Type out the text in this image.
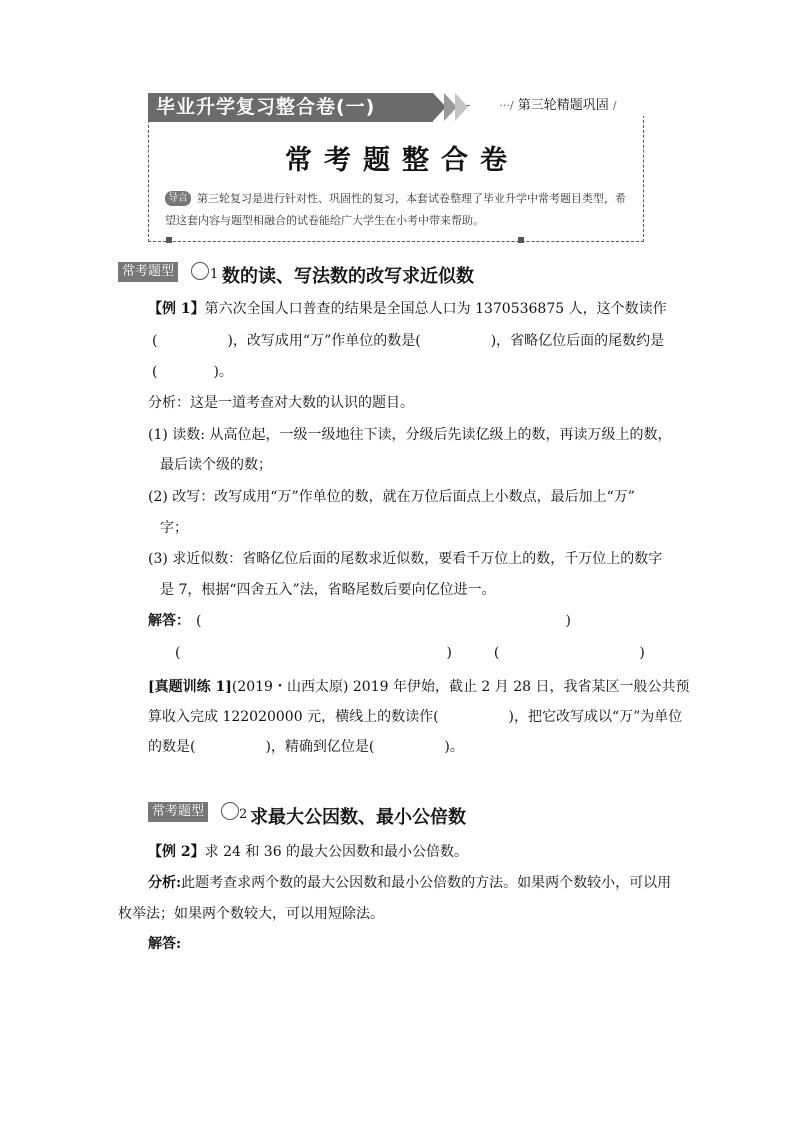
毕业升学复习整合卷(一)	···/ 第三轮精题巩固 /
常考题整合卷
第三轮复习是进行针对性、巩固性的复习，本套试卷整理了毕业升学中常考题目类型，希望这套内容与题型相融合的试卷能给广大学生在小考中带来帮助。
导言
常考题型	1 数的读、写法数的改写求近似数
【例 1】第六次全国人口普查的结果是全国总人口为 1370536875 人，这个数读作
(　　　　　)，改写成用“万”作单位的数是(　　　　　)，省略亿位后面的尾数约是
(　　　　)。
分析：这是一道考查对大数的认识的题目。
(1) 读数: 从高位起，一级一级地往下读，分级后先读亿级上的数，再读万级上的数，
最后读个级的数；
(2) 改写：改写成用“万”作单位的数，就在万位后面点上小数点，最后加上“万”
字；
(3) 求近似数：省略亿位后面的尾数求近似数，要看千万位上的数，千万位上的数字
是 7，根据“四舍五入”法，省略尾数后要向亿位进一。
解答： (　　　　　　　　　　　　　　　　　　　　　　　　　　)
(　　　　　　　　　　　　　　　　　　　)　　　(　　　　　　　　　　)
[真题训练 1](2019・山西太原) 2019 年伊始，截止 2 月 28 日，我省某区一般公共预
算收入完成 122020000 元，横线上的数读作(　　　　　)，把它改写成以“万”为单位
的数是(　　　　　)，精确到亿位是(　　　　　)。
常考题型	2 求最大公因数、最小公倍数
【例 2】求 24 和 36 的最大公因数和最小公倍数。
分析:此题考查求两个数的最大公因数和最小公倍数的方法。如果两个数较小，可以用
枚举法；如果两个数较大，可以用短除法。
解答:
